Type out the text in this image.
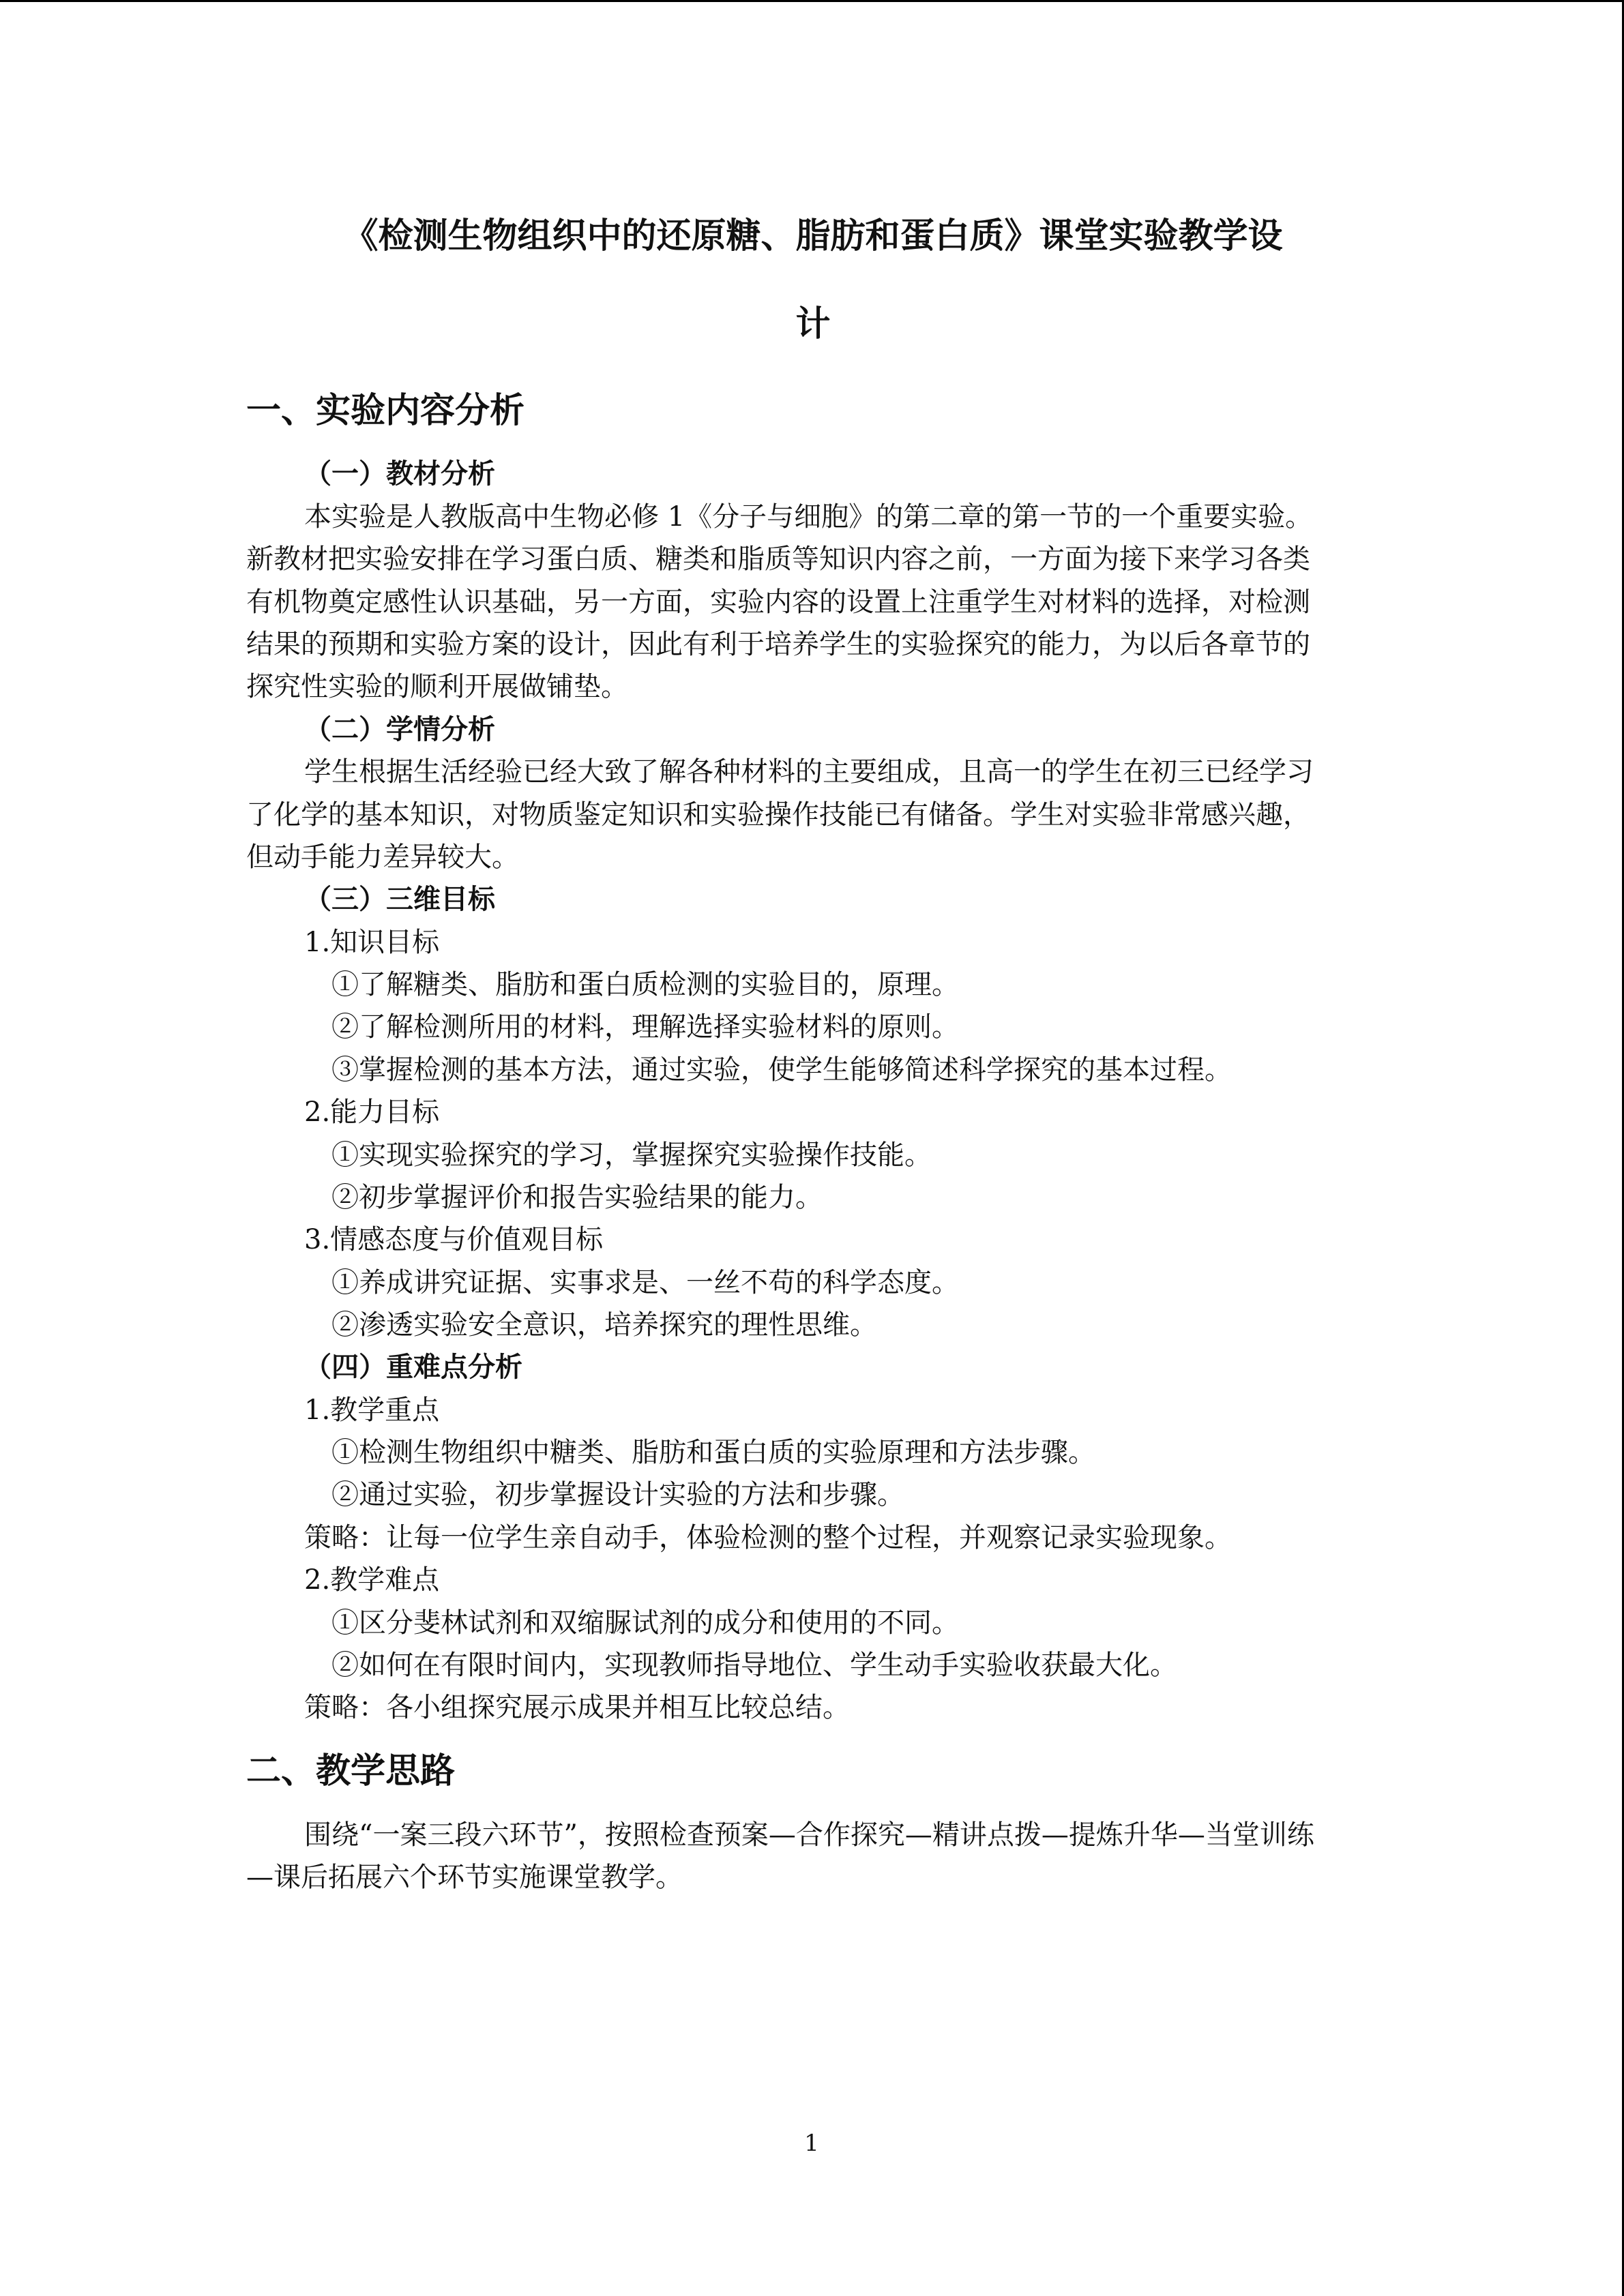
《检测生物组织中的还原糖、脂肪和蛋白质》课堂实验教学设
计
一、实验内容分析
（一）教材分析
本实验是人教版高中生物必修 1《分子与细胞》的第二章的第一节的一个重要实验。
新教材把实验安排在学习蛋白质、糖类和脂质等知识内容之前，一方面为接下来学习各类
有机物奠定感性认识基础，另一方面，实验内容的设置上注重学生对材料的选择，对检测
结果的预期和实验方案的设计，因此有利于培养学生的实验探究的能力，为以后各章节的
探究性实验的顺利开展做铺垫。
（二）学情分析
学生根据生活经验已经大致了解各种材料的主要组成，且高一的学生在初三已经学习
了化学的基本知识，对物质鉴定知识和实验操作技能已有储备。学生对实验非常感兴趣，
但动手能力差异较大。
（三）三维目标
1.知识目标
①了解糖类、脂肪和蛋白质检测的实验目的，原理。
②了解检测所用的材料，理解选择实验材料的原则。
③掌握检测的基本方法，通过实验，使学生能够简述科学探究的基本过程。
2.能力目标
①实现实验探究的学习，掌握探究实验操作技能。
②初步掌握评价和报告实验结果的能力。
3.情感态度与价值观目标
①养成讲究证据、实事求是、一丝不苟的科学态度。
②渗透实验安全意识，培养探究的理性思维。
（四）重难点分析
1.教学重点
①检测生物组织中糖类、脂肪和蛋白质的实验原理和方法步骤。
②通过实验，初步掌握设计实验的方法和步骤。
策略：让每一位学生亲自动手，体验检测的整个过程，并观察记录实验现象。
2.教学难点
①区分斐林试剂和双缩脲试剂的成分和使用的不同。
②如何在有限时间内，实现教师指导地位、学生动手实验收获最大化。
策略：各小组探究展示成果并相互比较总结。
二、教学思路
围绕“一案三段六环节”，按照检查预案—合作探究—精讲点拨—提炼升华—当堂训练
—课后拓展六个环节实施课堂教学。
1
